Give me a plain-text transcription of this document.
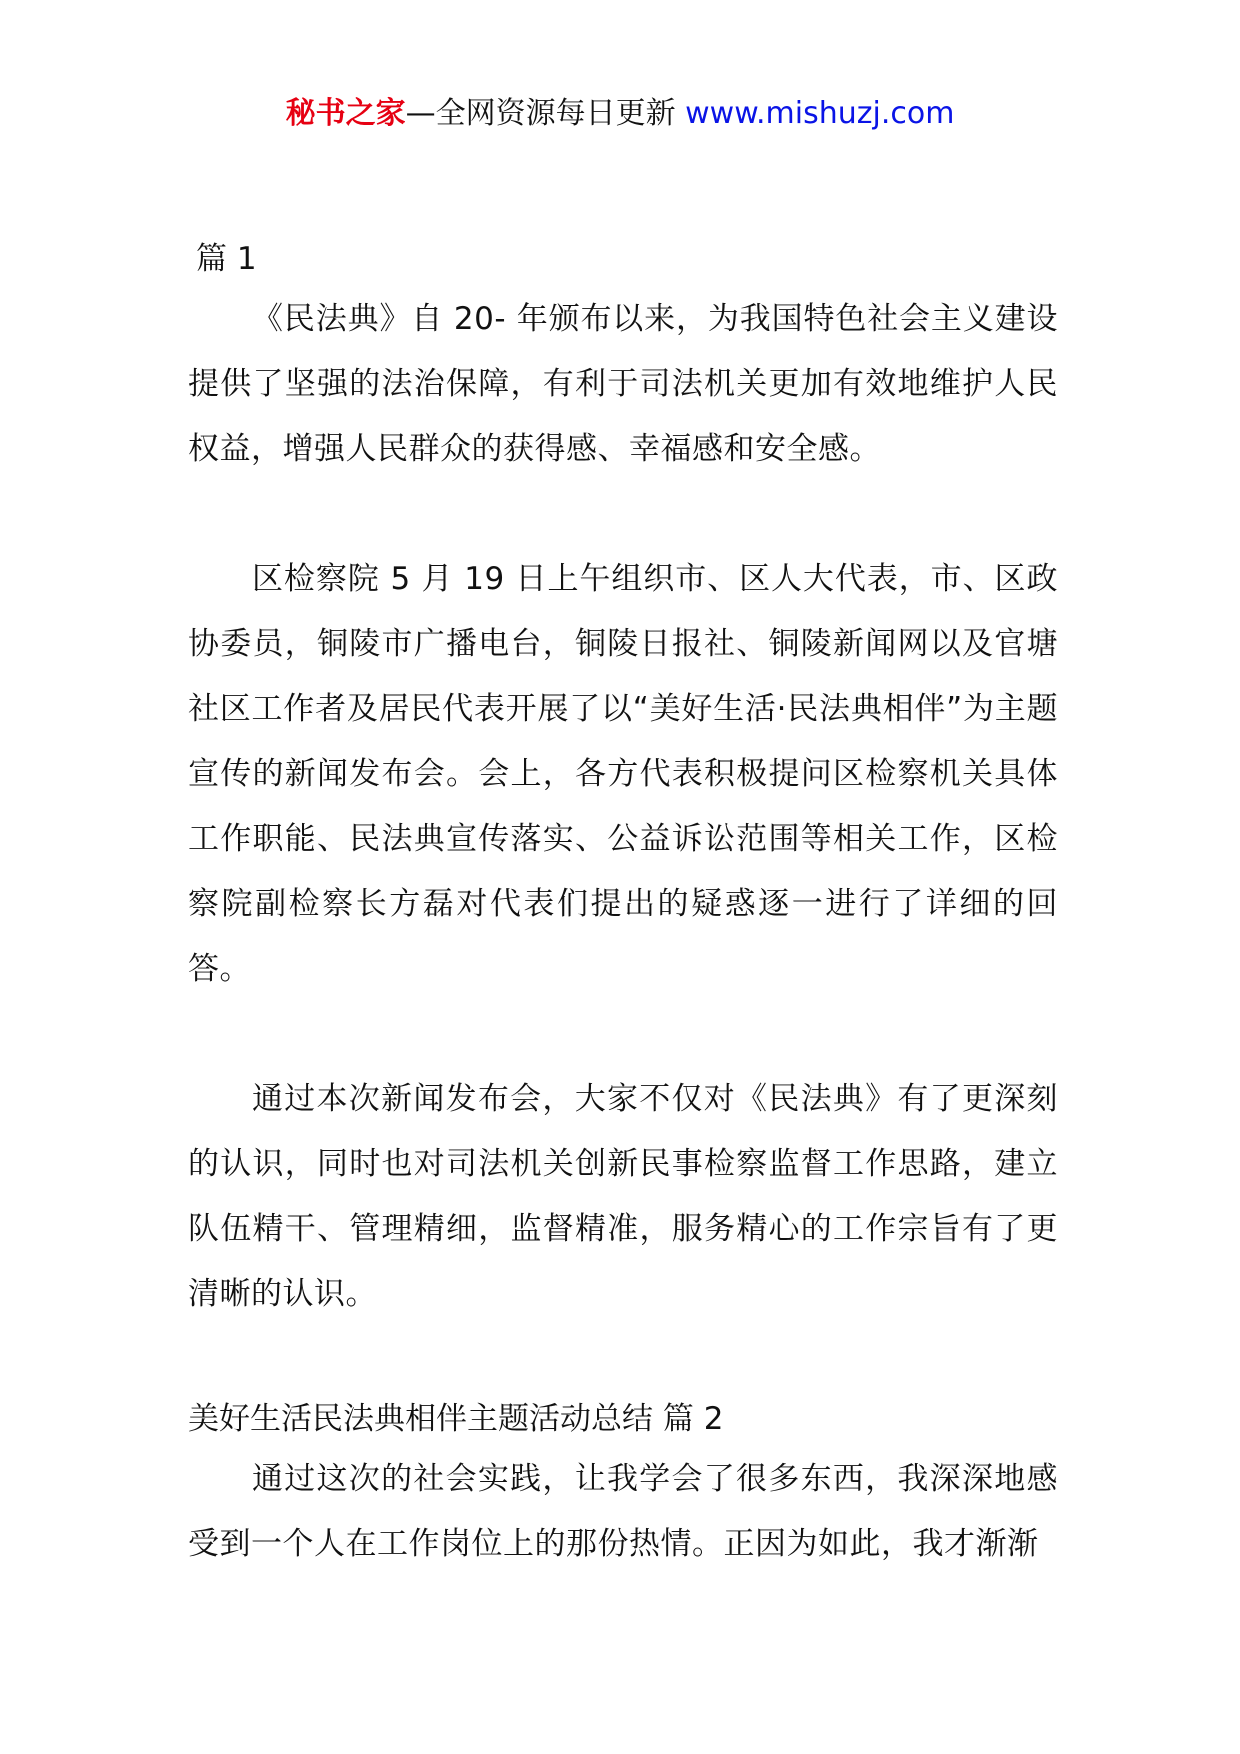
秘书之家—全网资源每日更新 www.mishuzj.com
篇 1

《民法典》自 20- 年颁布以来，为我国特色社会主义建设提供了坚强的法治保障，有利于司法机关更加有效地维护人民权益，增强人民群众的获得感、幸福感和安全感。

区检察院 5 月 19 日上午组织市、区人大代表，市、区政协委员，铜陵市广播电台，铜陵日报社、铜陵新闻网以及官塘社区工作者及居民代表开展了以“美好生活·民法典相伴”为主题宣传的新闻发布会。会上，各方代表积极提问区检察机关具体工作职能、民法典宣传落实、公益诉讼范围等相关工作，区检察院副检察长方磊对代表们提出的疑惑逐一进行了详细的回答。

通过本次新闻发布会，大家不仅对《民法典》有了更深刻的认识，同时也对司法机关创新民事检察监督工作思路，建立队伍精干、管理精细，监督精准，服务精心的工作宗旨有了更清晰的认识。

美好生活民法典相伴主题活动总结 篇 2

通过这次的社会实践，让我学会了很多东西，我深深地感受到一个人在工作岗位上的那份热情。正因为如此，我才渐渐
